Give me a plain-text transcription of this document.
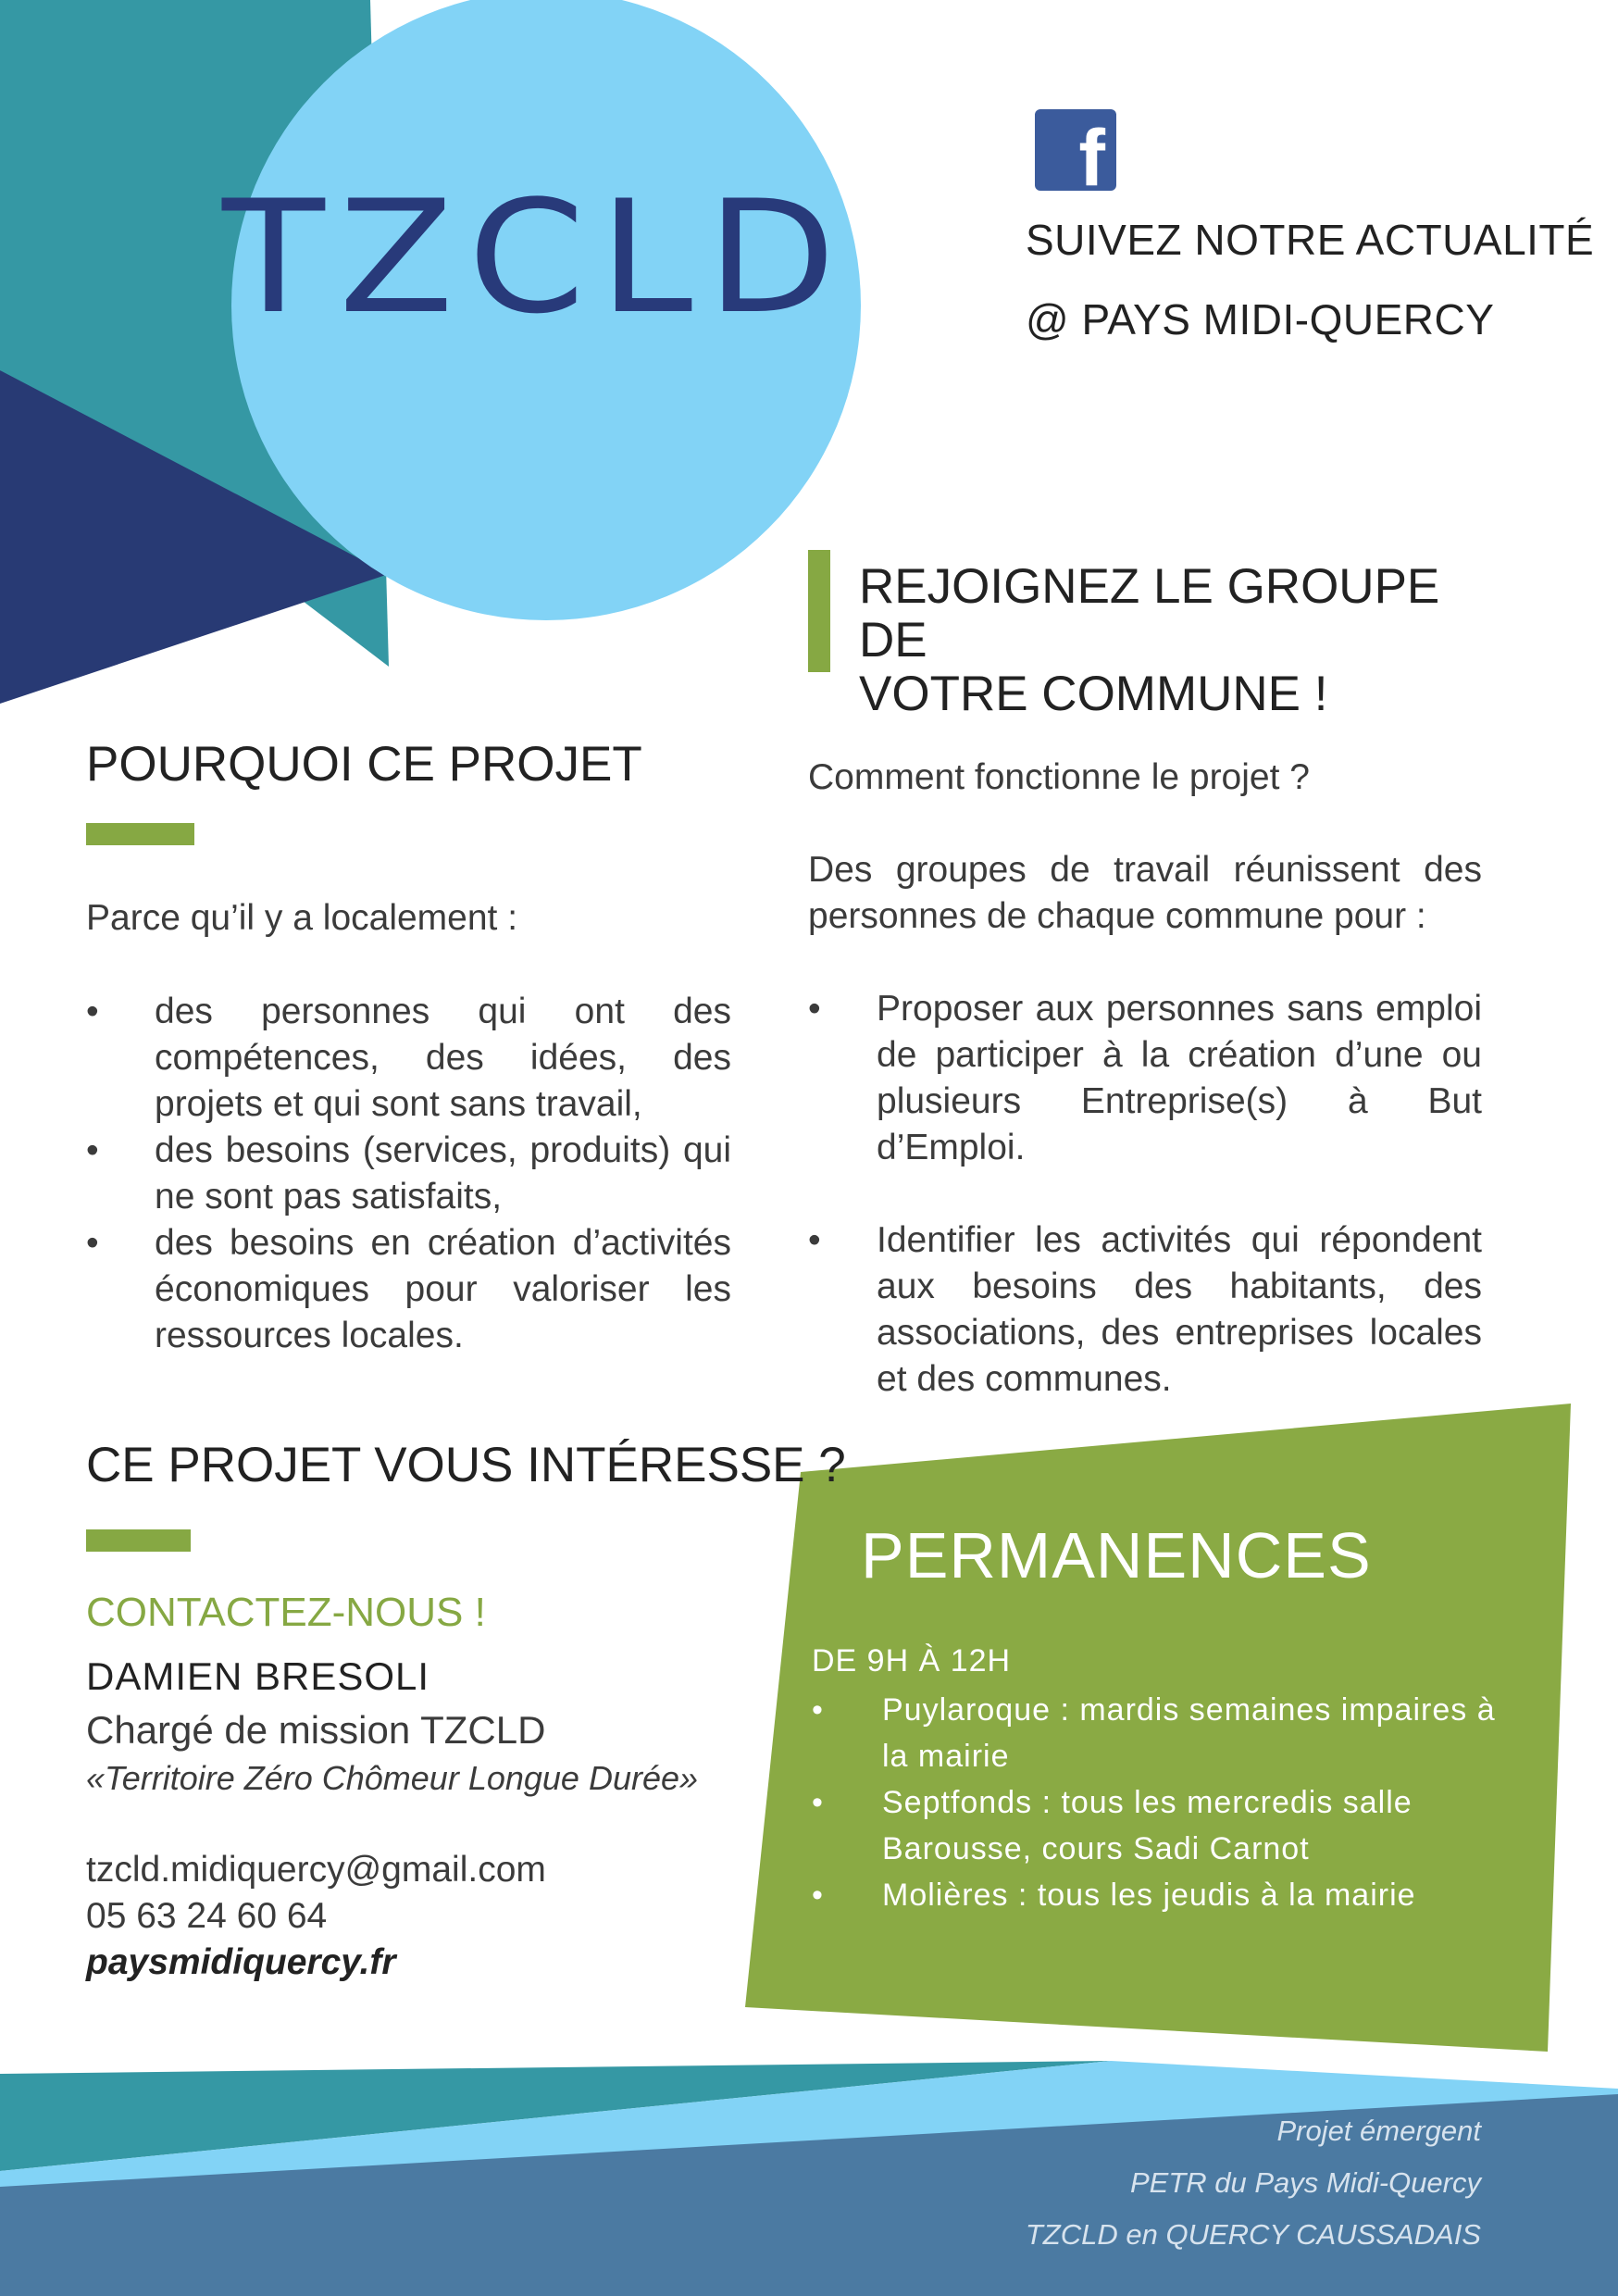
TZCLD
f
SUIVEZ NOTRE ACTUALITÉ
@ PAYS MIDI-QUERCY
REJOIGNEZ LE GROUPE DE
VOTRE COMMUNE !
POURQUOI CE PROJET
Parce qu’il y a localement :
• des personnes qui ont des compétences, des idées, des projets et qui sont sans travail,
• des besoins (services, produits) qui ne sont pas satisfaits,
• des besoins en création d’activités économiques pour valoriser les ressources locales.
Comment fonctionne le projet ?
Des groupes de travail réunissent des personnes de chaque commune pour :
• Proposer aux personnes sans emploi de participer à la création d’une ou plusieurs Entreprise(s) à But d’Emploi.
• Identifier les activités qui répondent aux besoins des habitants, des associations, des entreprises locales et des communes.
CE PROJET VOUS INTÉRESSE ?
CONTACTEZ-NOUS !
DAMIEN BRESOLI
Chargé de mission TZCLD
«Territoire Zéro Chômeur Longue Durée»
tzcld.midiquercy@gmail.com
05 63 24 60 64
paysmidiquercy.fr
PERMANENCES
DE 9H À 12H
• Puylaroque : mardis semaines impaires à la mairie
• Septfonds : tous les mercredis salle Barousse, cours Sadi Carnot
• Molières : tous les jeudis à la mairie
Projet émergent
PETR du Pays Midi-Quercy
TZCLD en QUERCY CAUSSADAIS
